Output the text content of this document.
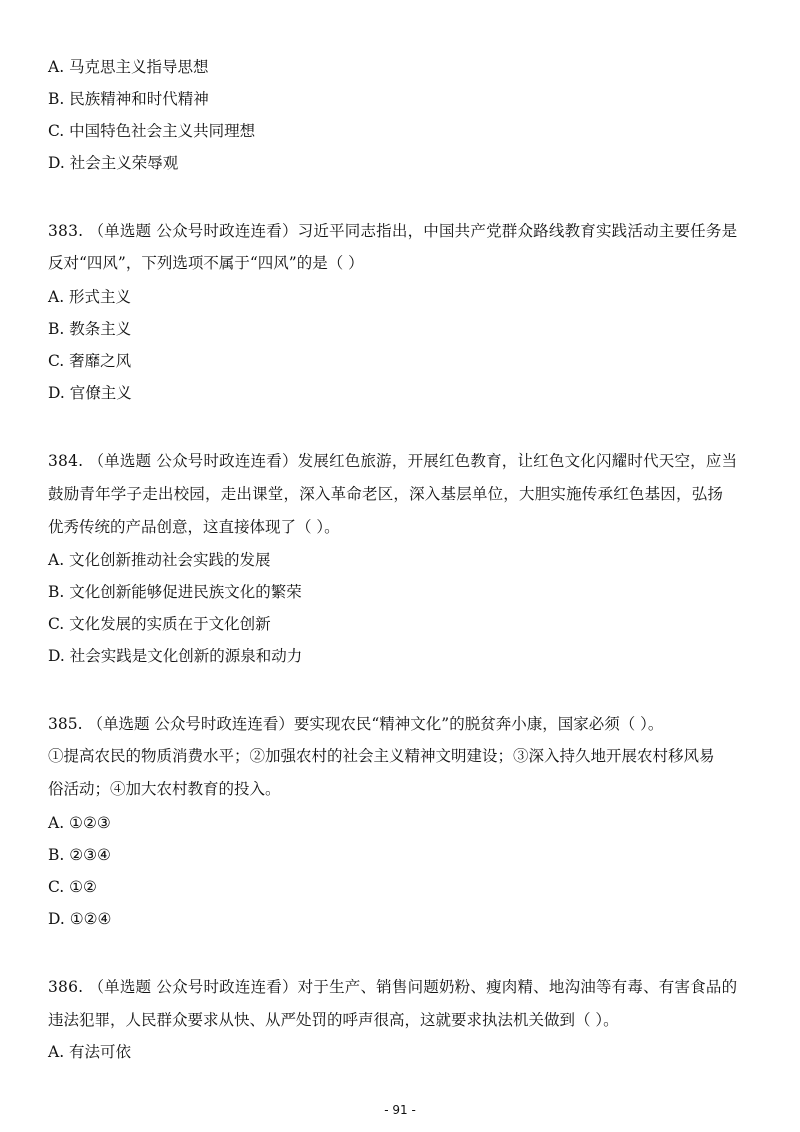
A. 马克思主义指导思想

B. 民族精神和时代精神

C. 中国特色社会主义共同理想

D. 社会主义荣辱观

383. （单选题 公众号时政连连看）习近平同志指出，中国共产党群众路线教育实践活动主要任务是

反对“四风”，下列选项不属于“四风”的是（ ）

A. 形式主义

B. 教条主义

C. 奢靡之风

D. 官僚主义

384. （单选题 公众号时政连连看）发展红色旅游，开展红色教育，让红色文化闪耀时代天空，应当

鼓励青年学子走出校园，走出课堂，深入革命老区，深入基层单位，大胆实施传承红色基因，弘扬

优秀传统的产品创意，这直接体现了（ ）。

A. 文化创新推动社会实践的发展

B. 文化创新能够促进民族文化的繁荣

C. 文化发展的实质在于文化创新

D. 社会实践是文化创新的源泉和动力

385. （单选题 公众号时政连连看）要实现农民“精神文化”的脱贫奔小康，国家必须（ ）。

①提高农民的物质消费水平；②加强农村的社会主义精神文明建设；③深入持久地开展农村移风易

俗活动；④加大农村教育的投入。

A. ①②③

B. ②③④

C. ①②

D. ①②④

386. （单选题 公众号时政连连看）对于生产、销售问题奶粉、瘦肉精、地沟油等有毒、有害食品的

违法犯罪，人民群众要求从快、从严处罚的呼声很高，这就要求执法机关做到（ ）。

A. 有法可依

- 91 -
